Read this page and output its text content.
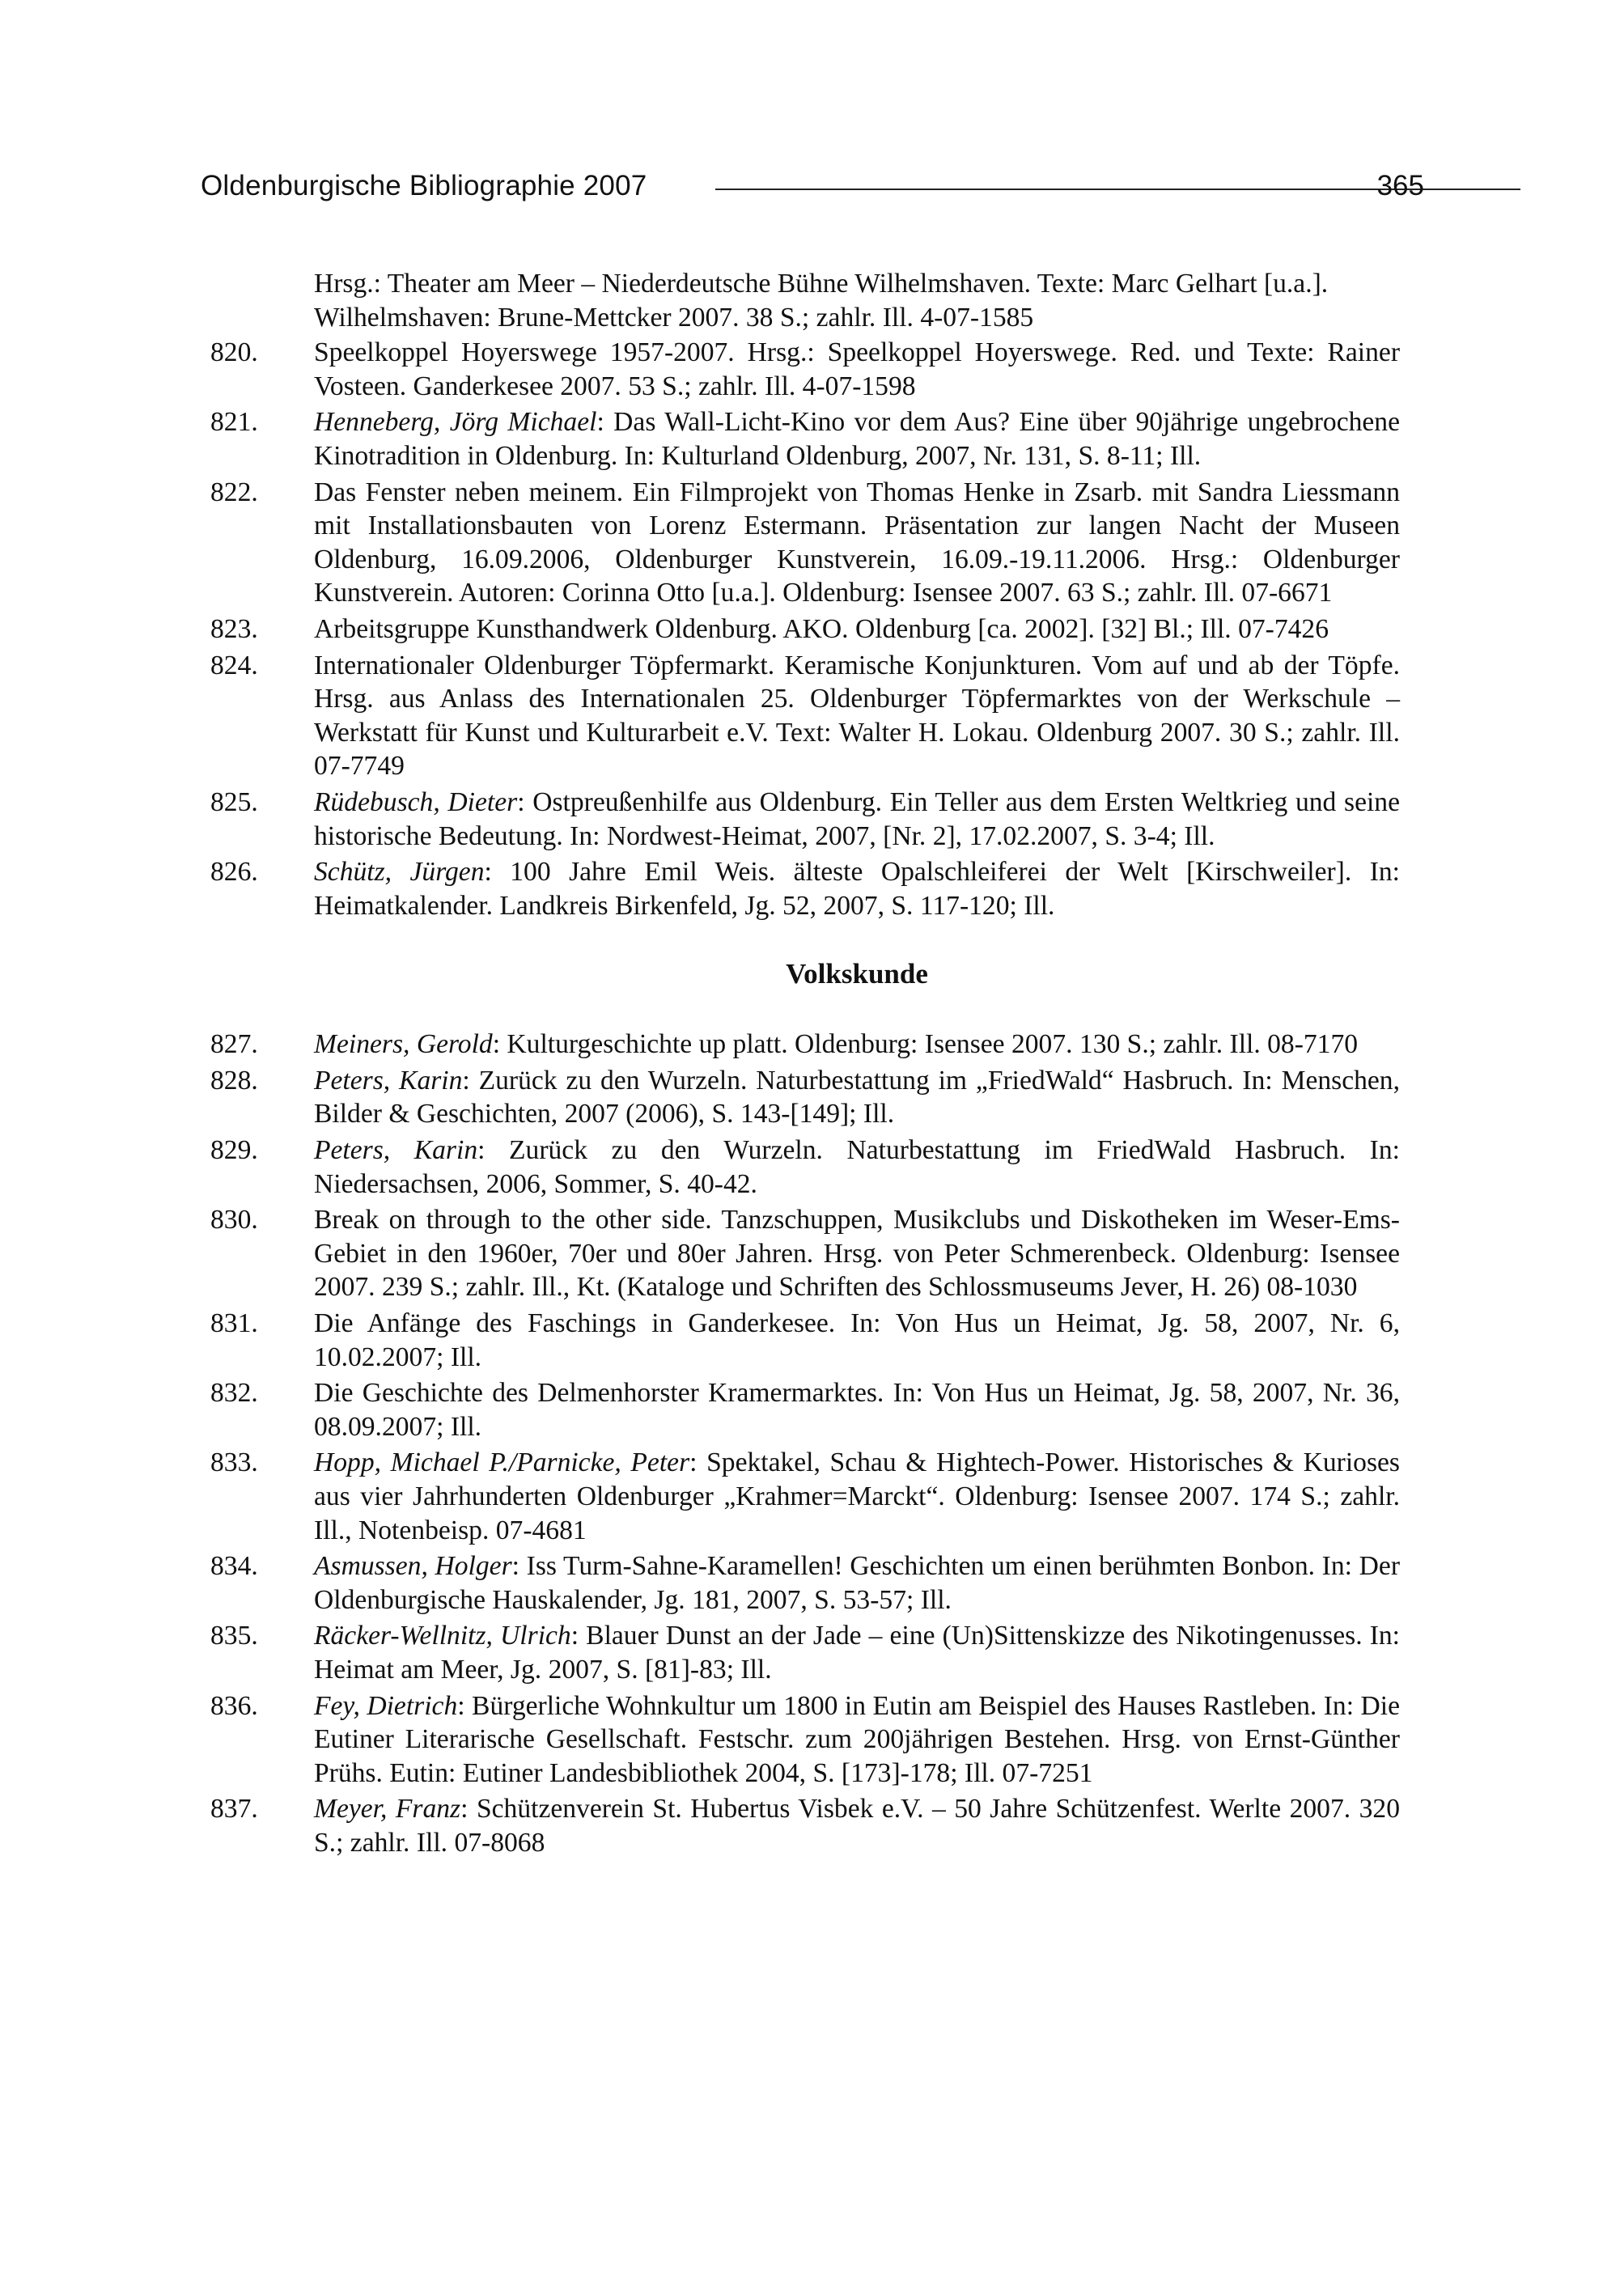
Oldenburgische Bibliographie 2007	365
Hrsg.: Theater am Meer – Niederdeutsche Bühne Wilhelmshaven. Texte: Marc Gelhart [u.a.]. Wilhelmshaven: Brune-Mettcker 2007. 38 S.; zahlr. Ill. 4-07-1585
820.	Speelkoppel Hoyerswege 1957-2007. Hrsg.: Speelkoppel Hoyerswege. Red. und Texte: Rainer Vosteen. Ganderkesee 2007. 53 S.; zahlr. Ill. 4-07-1598
821.	Henneberg, Jörg Michael: Das Wall-Licht-Kino vor dem Aus? Eine über 90jährige ungebrochene Kinotradition in Oldenburg. In: Kulturland Oldenburg, 2007, Nr. 131, S. 8-11; Ill.
822.	Das Fenster neben meinem. Ein Filmprojekt von Thomas Henke in Zsarb. mit Sandra Liessmann mit Installationsbauten von Lorenz Estermann. Präsentation zur langen Nacht der Museen Oldenburg, 16.09.2006, Oldenburger Kunstverein, 16.09.-19.11.2006. Hrsg.: Oldenburger Kunstverein. Autoren: Corinna Otto [u.a.]. Oldenburg: Isensee 2007. 63 S.; zahlr. Ill. 07-6671
823.	Arbeitsgruppe Kunsthandwerk Oldenburg. AKO. Oldenburg [ca. 2002]. [32] Bl.; Ill. 07-7426
824.	Internationaler Oldenburger Töpfermarkt. Keramische Konjunkturen. Vom auf und ab der Töpfe. Hrsg. aus Anlass des Internationalen 25. Oldenburger Töpfermarktes von der Werkschule – Werkstatt für Kunst und Kulturarbeit e.V. Text: Walter H. Lokau. Oldenburg 2007. 30 S.; zahlr. Ill. 07-7749
825.	Rüdebusch, Dieter: Ostpreußenhilfe aus Oldenburg. Ein Teller aus dem Ersten Weltkrieg und seine historische Bedeutung. In: Nordwest-Heimat, 2007, [Nr. 2], 17.02.2007, S. 3-4; Ill.
826.	Schütz, Jürgen: 100 Jahre Emil Weis. älteste Opalschleiferei der Welt [Kirschweiler]. In: Heimatkalender. Landkreis Birkenfeld, Jg. 52, 2007, S. 117-120; Ill.
Volkskunde
827.	Meiners, Gerold: Kulturgeschichte up platt. Oldenburg: Isensee 2007. 130 S.; zahlr. Ill. 08-7170
828.	Peters, Karin: Zurück zu den Wurzeln. Naturbestattung im „FriedWald“ Hasbruch. In: Menschen, Bilder & Geschichten, 2007 (2006), S. 143-[149]; Ill.
829.	Peters, Karin: Zurück zu den Wurzeln. Naturbestattung im FriedWald Hasbruch. In: Niedersachsen, 2006, Sommer, S. 40-42.
830.	Break on through to the other side. Tanzschuppen, Musikclubs und Diskotheken im Weser-Ems-Gebiet in den 1960er, 70er und 80er Jahren. Hrsg. von Peter Schmerenbeck. Oldenburg: Isensee 2007. 239 S.; zahlr. Ill., Kt. (Kataloge und Schriften des Schlossmuseums Jever, H. 26) 08-1030
831.	Die Anfänge des Faschings in Ganderkesee. In: Von Hus un Heimat, Jg. 58, 2007, Nr. 6, 10.02.2007; Ill.
832.	Die Geschichte des Delmenhorster Kramermarktes. In: Von Hus un Heimat, Jg. 58, 2007, Nr. 36, 08.09.2007; Ill.
833.	Hopp, Michael P./Parnicke, Peter: Spektakel, Schau & Hightech-Power. Historisches & Kurioses aus vier Jahrhunderten Oldenburger „Krahmer=Marckt“. Oldenburg: Isensee 2007. 174 S.; zahlr. Ill., Notenbeisp. 07-4681
834.	Asmussen, Holger: Iss Turm-Sahne-Karamellen! Geschichten um einen berühmten Bonbon. In: Der Oldenburgische Hauskalender, Jg. 181, 2007, S. 53-57; Ill.
835.	Räcker-Wellnitz, Ulrich: Blauer Dunst an der Jade – eine (Un)Sittenskizze des Nikotingenusses. In: Heimat am Meer, Jg. 2007, S. [81]-83; Ill.
836.	Fey, Dietrich: Bürgerliche Wohnkultur um 1800 in Eutin am Beispiel des Hauses Rastleben. In: Die Eutiner Literarische Gesellschaft. Festschr. zum 200jährigen Bestehen. Hrsg. von Ernst-Günther Prühs. Eutin: Eutiner Landesbibliothek 2004, S. [173]-178; Ill. 07-7251
837.	Meyer, Franz: Schützenverein St. Hubertus Visbek e.V. – 50 Jahre Schützenfest. Werlte 2007. 320 S.; zahlr. Ill. 07-8068
